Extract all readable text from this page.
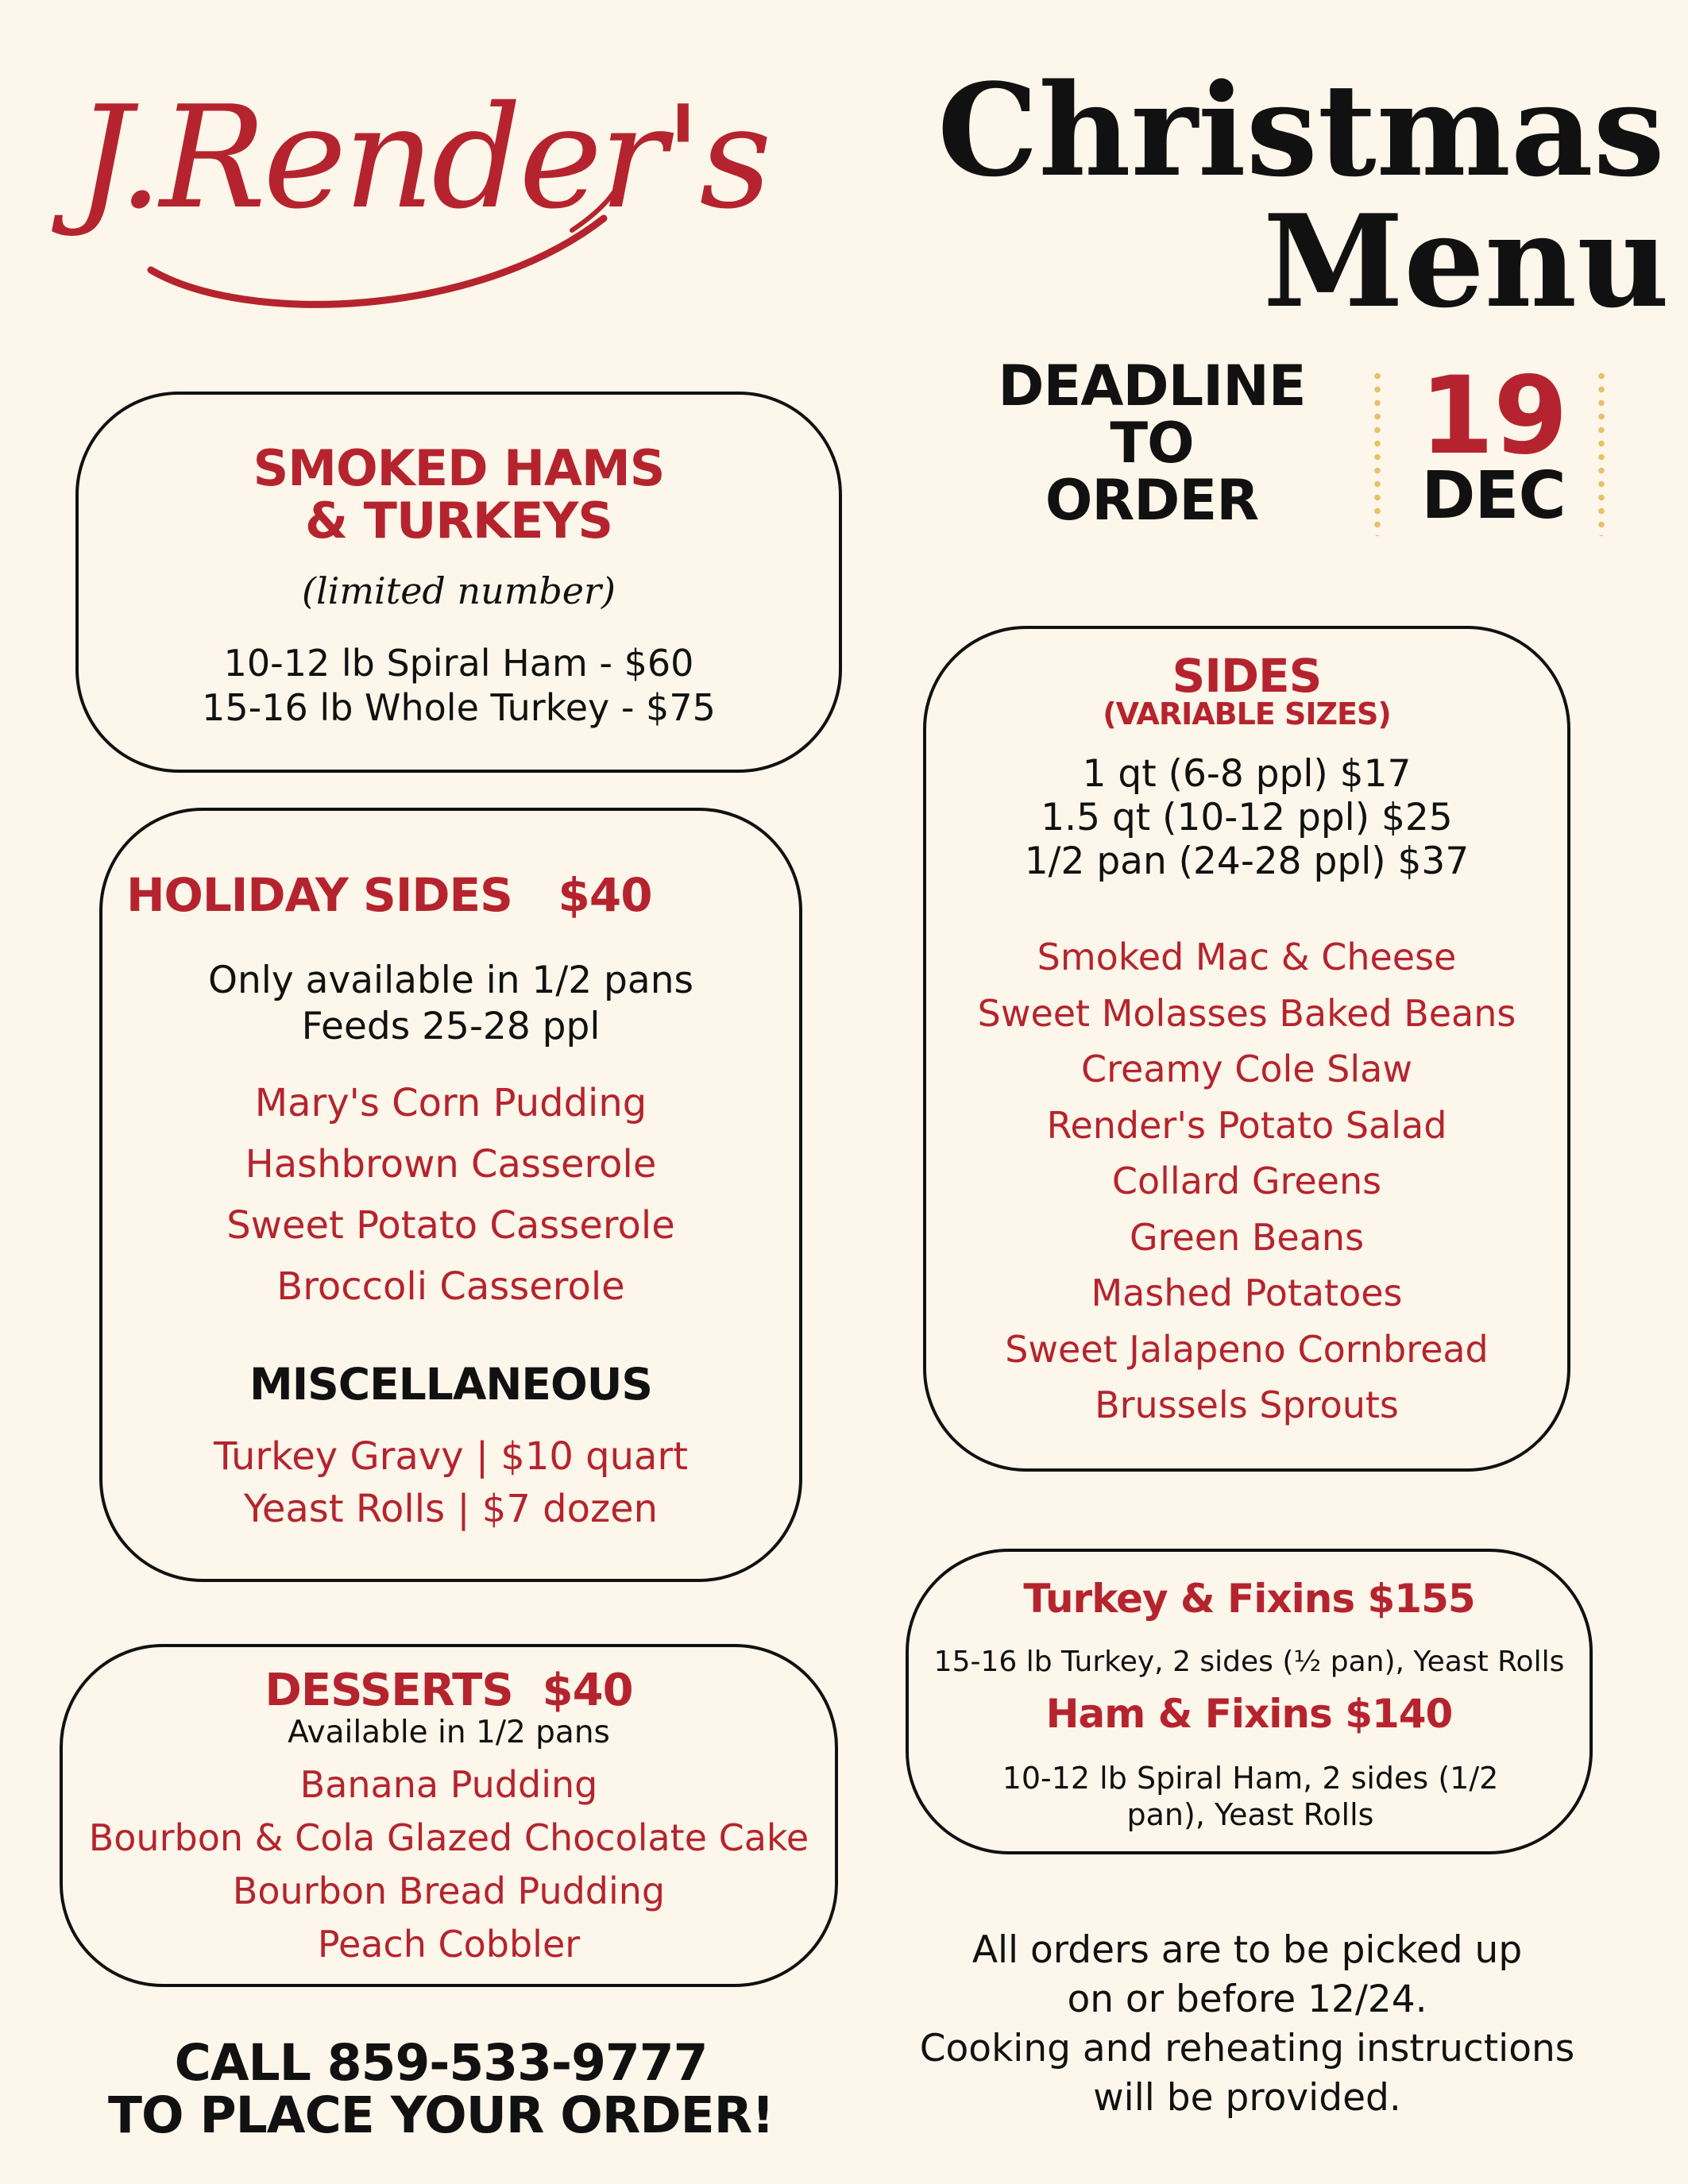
J.Render's Christmas
Menu
DEADLINE
TO
ORDER
19
DEC
SMOKED HAMS
& TURKEYS
(limited number)
10-12 lb Spiral Ham - $60
15-16 lb Whole Turkey - $75
HOLIDAY SIDES   $40
Only available in 1/2 pans
Feeds 25-28 ppl
Mary's Corn Pudding
Hashbrown Casserole
Sweet Potato Casserole
Broccoli Casserole
MISCELLANEOUS
Turkey Gravy | $10 quart
Yeast Rolls | $7 dozen
DESSERTS  $40
Available in 1/2 pans
Banana Pudding
Bourbon & Cola Glazed Chocolate Cake
Bourbon Bread Pudding
Peach Cobbler
CALL 859-533-9777
TO PLACE YOUR ORDER!
SIDES
(VARIABLE SIZES)
1 qt (6-8 ppl) $17
1.5 qt (10-12 ppl) $25
1/2 pan (24-28 ppl) $37
Smoked Mac & Cheese
Sweet Molasses Baked Beans
Creamy Cole Slaw
Render's Potato Salad
Collard Greens
Green Beans
Mashed Potatoes
Sweet Jalapeno Cornbread
Brussels Sprouts
Turkey & Fixins $155
15-16 lb Turkey, 2 sides (½ pan), Yeast Rolls
Ham & Fixins $140
10-12 lb Spiral Ham, 2 sides (1/2 pan), Yeast Rolls
All orders are to be picked up
on or before 12/24.
Cooking and reheating instructions
will be provided.
